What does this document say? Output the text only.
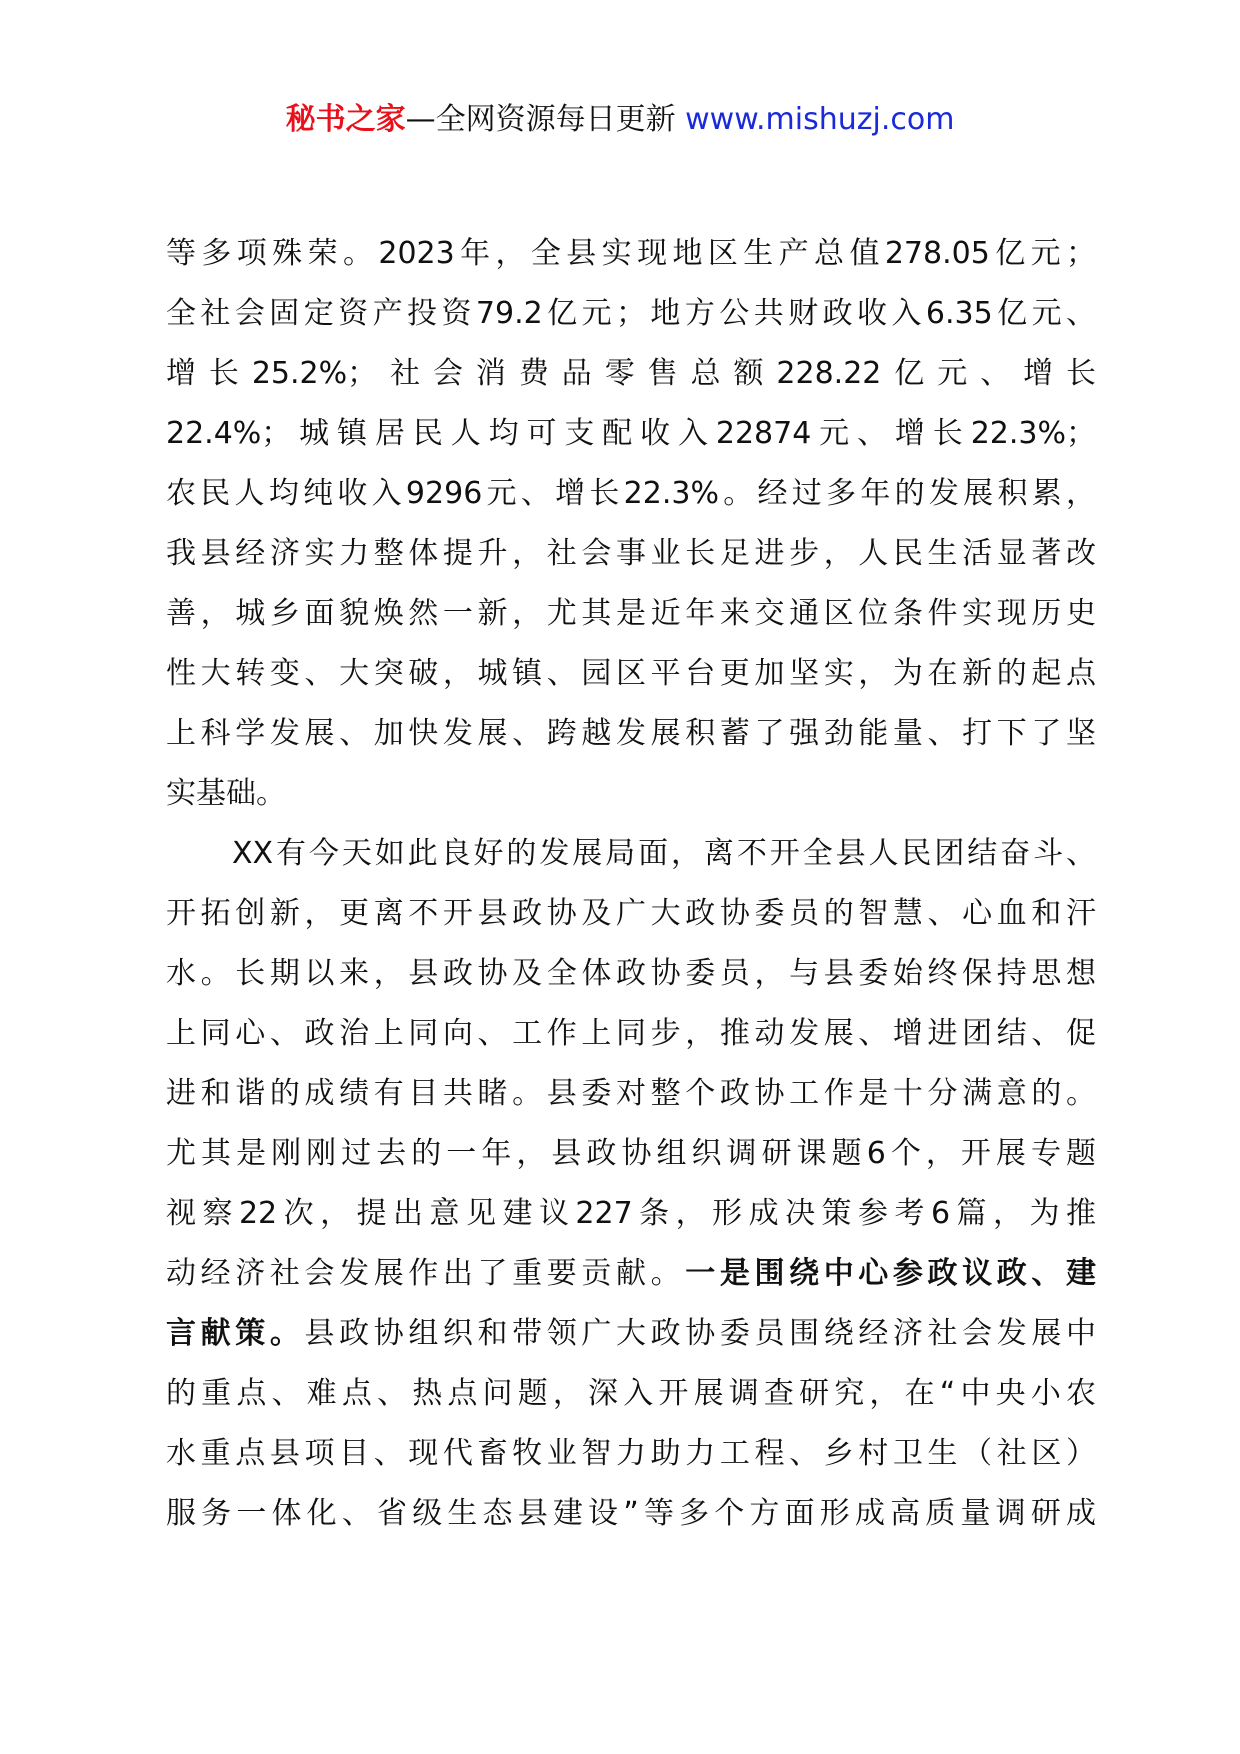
秘书之家—全网资源每日更新 www.mishuzj.com

等多项殊荣。2023年，全县实现地区生产总值278.05亿元；
全社会固定资产投资79.2亿元；地方公共财政收入6.35亿元、
增长25.2%；社会消费品零售总额228.22亿元、增长
22.4%；城镇居民人均可支配收入22874元、增长22.3%；
农民人均纯收入9296元、增长22.3%。经过多年的发展积累，
我县经济实力整体提升，社会事业长足进步，人民生活显著改
善，城乡面貌焕然一新，尤其是近年来交通区位条件实现历史
性大转变、大突破，城镇、园区平台更加坚实，为在新的起点
上科学发展、加快发展、跨越发展积蓄了强劲能量、打下了坚
实基础。

XX有今天如此良好的发展局面，离不开全县人民团结奋斗、
开拓创新，更离不开县政协及广大政协委员的智慧、心血和汗
水。长期以来，县政协及全体政协委员，与县委始终保持思想
上同心、政治上同向、工作上同步，推动发展、增进团结、促
进和谐的成绩有目共睹。县委对整个政协工作是十分满意的。
尤其是刚刚过去的一年，县政协组织调研课题6个，开展专题
视察22次，提出意见建议227条，形成决策参考6篇，为推
动经济社会发展作出了重要贡献。一是围绕中心参政议政、建
言献策。县政协组织和带领广大政协委员围绕经济社会发展中
的重点、难点、热点问题，深入开展调查研究，在“中央小农
水重点县项目、现代畜牧业智力助力工程、乡村卫生（社区）
服务一体化、省级生态县建设”等多个方面形成高质量调研成
